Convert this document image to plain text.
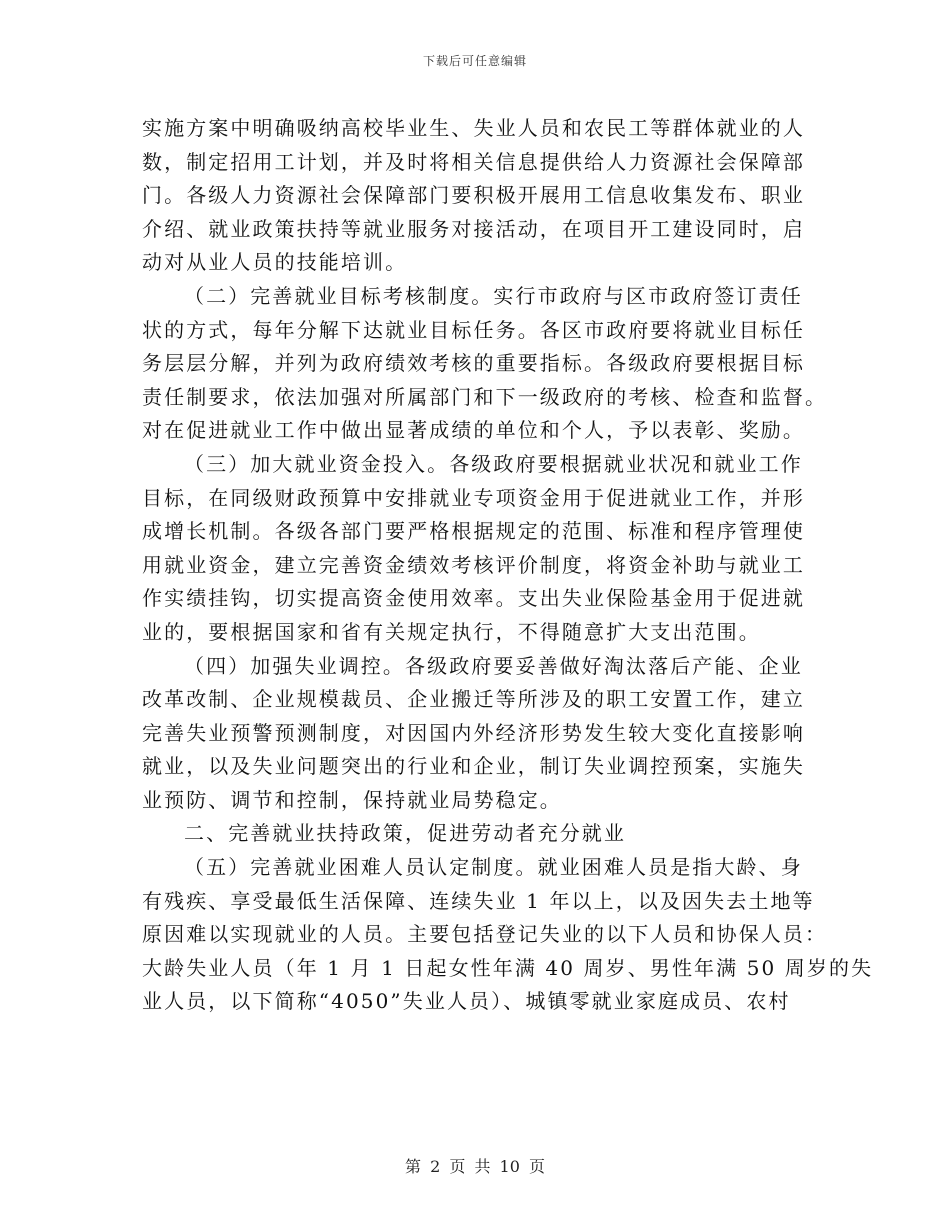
下载后可任意编辑
实施方案中明确吸纳高校毕业生、失业人员和农民工等群体就业的人
数，制定招用工计划，并及时将相关信息提供给人力资源社会保障部
门。各级人力资源社会保障部门要积极开展用工信息收集发布、职业
介绍、就业政策扶持等就业服务对接活动，在项目开工建设同时，启
动对从业人员的技能培训。
（二）完善就业目标考核制度。实行市政府与区市政府签订责任
状的方式，每年分解下达就业目标任务。各区市政府要将就业目标任
务层层分解，并列为政府绩效考核的重要指标。各级政府要根据目标
责任制要求，依法加强对所属部门和下一级政府的考核、检查和监督。
对在促进就业工作中做出显著成绩的单位和个人，予以表彰、奖励。
（三）加大就业资金投入。各级政府要根据就业状况和就业工作
目标，在同级财政预算中安排就业专项资金用于促进就业工作，并形
成增长机制。各级各部门要严格根据规定的范围、标准和程序管理使
用就业资金，建立完善资金绩效考核评价制度，将资金补助与就业工
作实绩挂钩，切实提高资金使用效率。支出失业保险基金用于促进就
业的，要根据国家和省有关规定执行，不得随意扩大支出范围。
（四）加强失业调控。各级政府要妥善做好淘汰落后产能、企业
改革改制、企业规模裁员、企业搬迁等所涉及的职工安置工作，建立
完善失业预警预测制度，对因国内外经济形势发生较大变化直接影响
就业，以及失业问题突出的行业和企业，制订失业调控预案，实施失
业预防、调节和控制，保持就业局势稳定。
二、完善就业扶持政策，促进劳动者充分就业
（五）完善就业困难人员认定制度。就业困难人员是指大龄、身
有残疾、享受最低生活保障、连续失业 1 年以上，以及因失去土地等
原因难以实现就业的人员。主要包括登记失业的以下人员和协保人员：
大龄失业人员（年 1 月 1 日起女性年满 40 周岁、男性年满 50 周岁的失
业人员，以下简称“4050”失业人员）、城镇零就业家庭成员、农村
第 2 页 共 10 页
